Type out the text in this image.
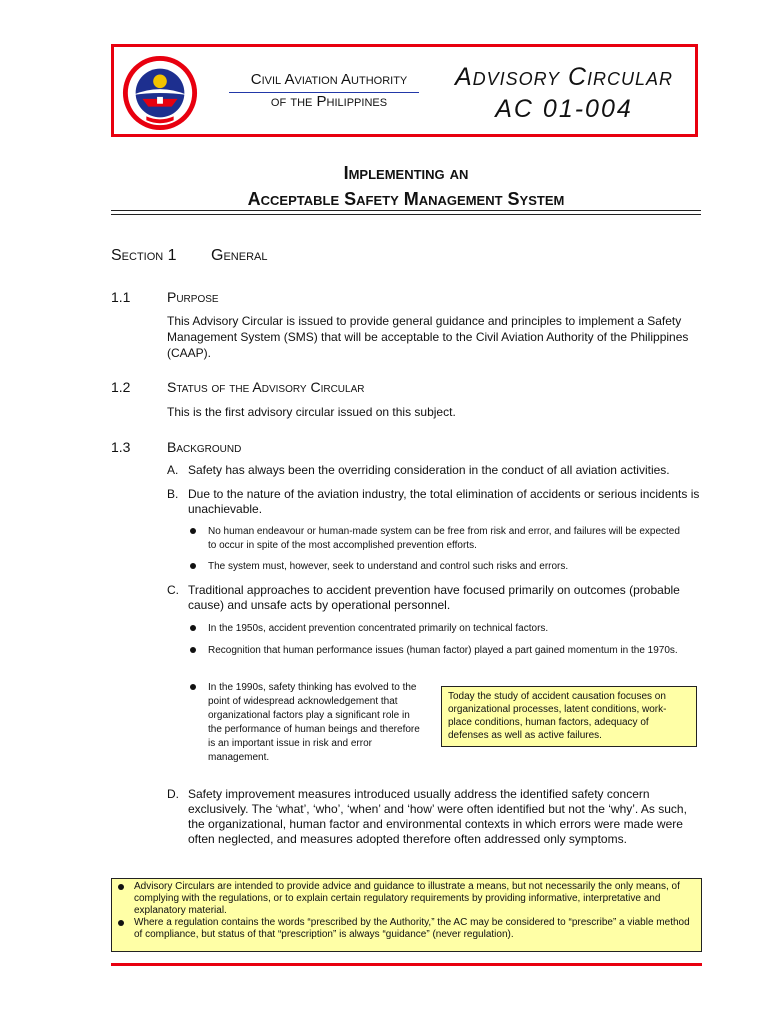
Civil Aviation Authority
of the Philippines
Advisory Circular
AC 01-004
Implementing an
Acceptable Safety Management System
Section 1 General
1.1	Purpose
This Advisory Circular is issued to provide general guidance and principles to implement a Safety Management System (SMS) that will be acceptable to the Civil Aviation Authority of the Philippines (CAAP).
1.2	Status of the Advisory Circular
This is the first advisory circular issued on this subject.
1.3	Background
A. Safety has always been the overriding consideration in the conduct of all aviation activities.
B. Due to the nature of the aviation industry, the total elimination of accidents or serious incidents is unachievable.
No human endeavour or human-made system can be free from risk and error, and failures will be expected to occur in spite of the most accomplished prevention efforts.
The system must, however, seek to understand and control such risks and errors.
C. Traditional approaches to accident prevention have focused primarily on outcomes (probable cause) and unsafe acts by operational personnel.
In the 1950s, accident prevention concentrated primarily on technical factors.
Recognition that human performance issues (human factor) played a part gained momentum in the 1970s.
In the 1990s, safety thinking has evolved to the point of widespread acknowledgement that organizational factors play a significant role in the performance of human beings and therefore is an important issue in risk and error management.
Today the study of accident causation focuses on organizational processes, latent conditions, work-place conditions, human factors, adequacy of defenses as well as active failures.
D. Safety improvement measures introduced usually address the identified safety concern exclusively. The ‘what’, ‘who’, ‘when’ and ‘how’ were often identified but not the ‘why’. As such, the organizational, human factor and environmental contexts in which errors were made were often neglected, and measures adopted therefore often addressed only symptoms.
Advisory Circulars are intended to provide advice and guidance to illustrate a means, but not necessarily the only means, of complying with the regulations, or to explain certain regulatory requirements by providing informative, interpretative and explanatory material.
Where a regulation contains the words “prescribed by the Authority,” the AC may be considered to “prescribe” a viable method of compliance, but status of that “prescription” is always “guidance” (never regulation).
